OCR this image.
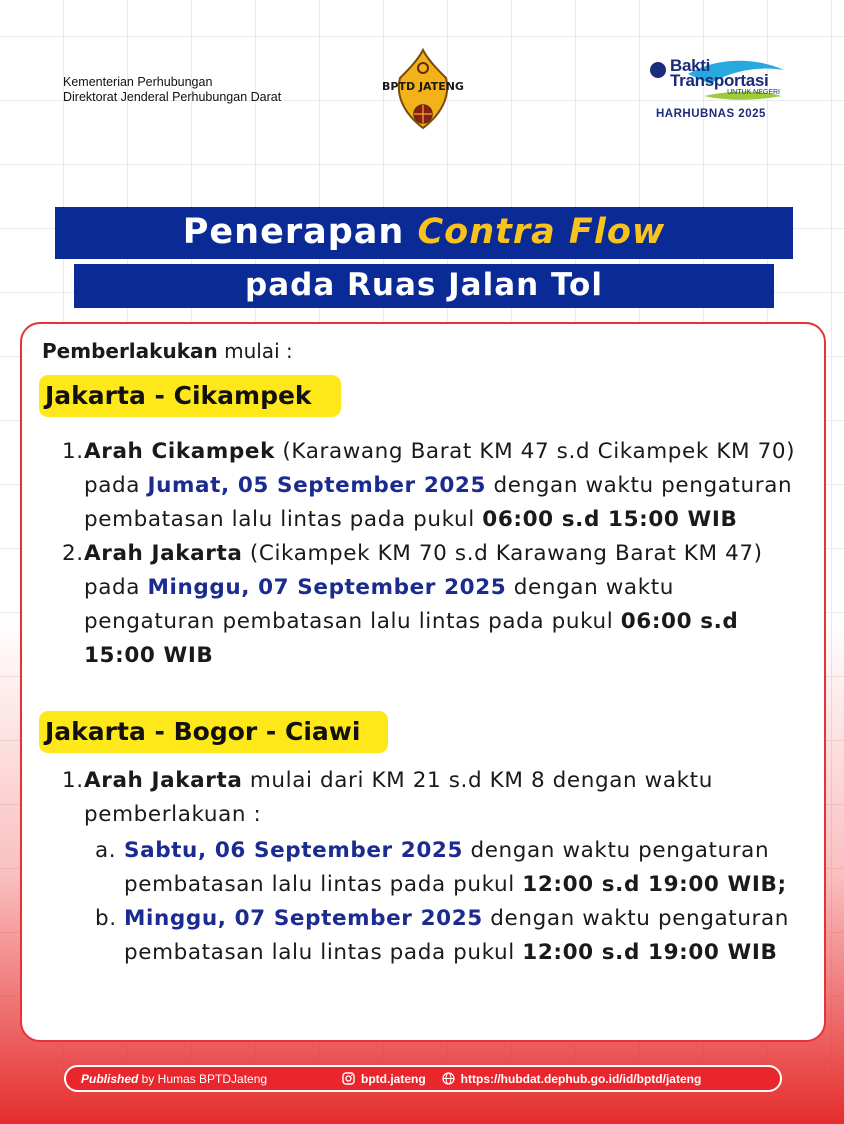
Kementerian Perhubungan
Direktorat Jenderal Perhubungan Darat
BPTD JATENG
Bakti
Transportasi
UNTUK NEGERI
HARHUBNAS 2025
Penerapan Contra Flow
pada Ruas Jalan Tol
Pemberlakukan mulai :
Jakarta - Cikampek
1. Arah Cikampek (Karawang Barat KM 47 s.d Cikampek KM 70) pada Jumat, 05 September 2025 dengan waktu pengaturan pembatasan lalu lintas pada pukul 06:00 s.d 15:00 WIB
2. Arah Jakarta (Cikampek KM 70 s.d Karawang Barat KM 47) pada Minggu, 07 September 2025 dengan waktu pengaturan pembatasan lalu lintas pada pukul 06:00 s.d 15:00 WIB
Jakarta - Bogor - Ciawi
1. Arah Jakarta mulai dari KM 21 s.d KM 8 dengan waktu pemberlakuan :
a. Sabtu, 06 September 2025 dengan waktu pengaturan pembatasan lalu lintas pada pukul 12:00 s.d 19:00 WIB;
b. Minggu, 07 September 2025 dengan waktu pengaturan pembatasan lalu lintas pada pukul 12:00 s.d 19:00 WIB
Published by Humas BPTDJateng	bptd.jateng	https://hubdat.dephub.go.id/id/bptd/jateng
